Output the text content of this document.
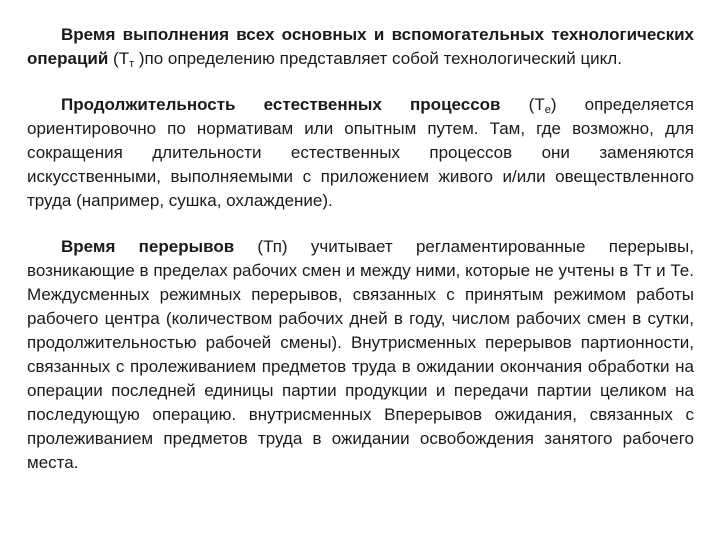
Время выполнения всех основных и вспомогательных технологических операций ($Т_т$ )по определению представляет собой технологический цикл.

Продолжительность естественных процессов $(Т_е)$ определяется ориентировочно по нормативам или опытным путем. Там, где возможно, для сокращения длительности естественных процессов они заменяются искусственными, выполняемыми с приложением живого и/или овеществленного труда (например, сушка, охлаждение).

Время перерывов (Тп) учитывает регламентированные перерывы, возникающие в пределах рабочих смен и между ними, которые не учтены в Тт и Те. Междусменных режимных перерывов, связанных с принятым режимом работы рабочего центра (количеством рабочих дней в году, числом рабочих смен в сутки, продолжительностью рабочей смены). Внутрисменных перерывов партионности, связанных с пролеживанием предметов труда в ожидании окончания обработки на операции последней единицы партии продукции и передачи партии целиком на последующую операцию. внутрисменных Вперерывов ожидания, связанных с пролеживанием предметов труда в ожидании освобождения занятого рабочего места.
